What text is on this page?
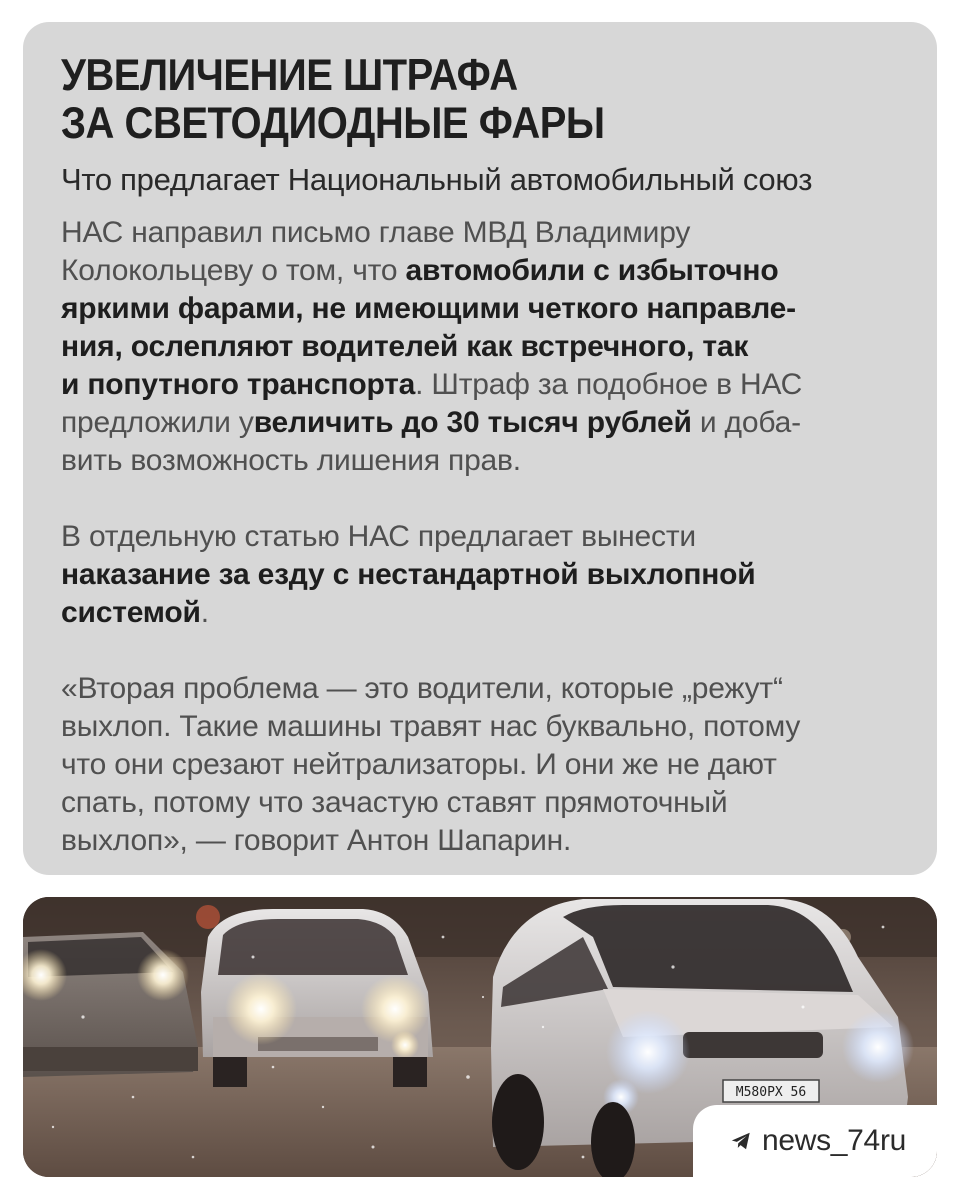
УВЕЛИЧЕНИЕ ШТРАФА
ЗА СВЕТОДИОДНЫЕ ФАРЫ
Что предлагает Национальный автомобильный союз
НАС направил письмо главе МВД Владимиру
Колокольцеву о том, что автомобили с избыточно
яркими фарами, не имеющими четкого направле-
ния, ослепляют водителей как встречного, так
и попутного транспорта. Штраф за подобное в НАС
предложили увеличить до 30 тысяч рублей и доба-
вить возможность лишения прав.
В отдельную статью НАС предлагает вынести
наказание за езду с нестандартной выхлопной
системой.
«Вторая проблема — это водители, которые „режут“
выхлоп. Такие машины травят нас буквально, потому
что они срезают нейтрализаторы. И они же не дают
спать, потому что зачастую ставят прямоточный
выхлоп», — говорит Антон Шапарин.
М580РХ 56
news_74ru
